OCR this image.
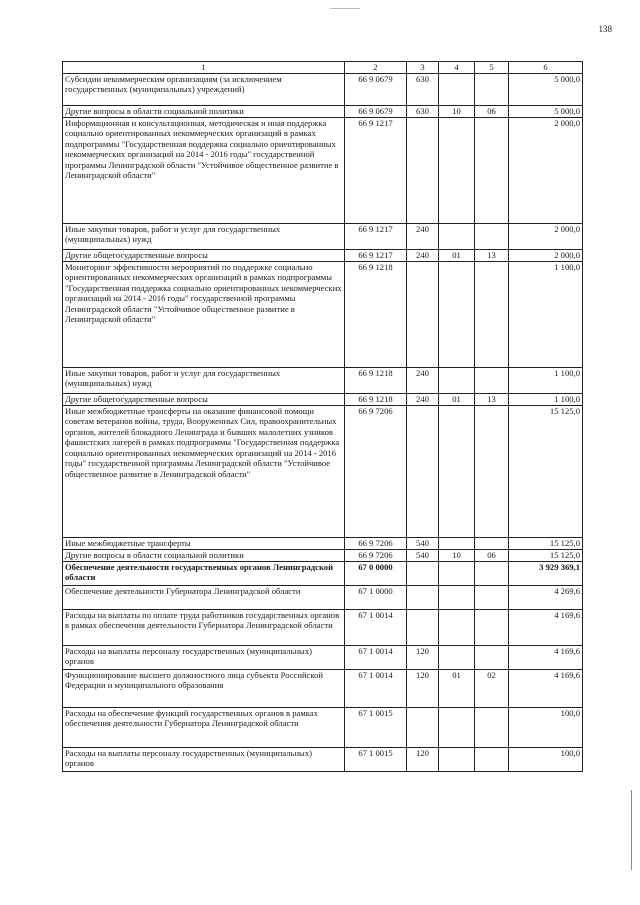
138
1	2	3	4	5	6
Субсидии некоммерческим организациям (за исключением государственных (муниципальных) учреждений)	66 9 0679	630			5 000,0
Другие вопросы в области социальной политики	66 9 0679	630	10	06	5 000,0
Информационная и консультационная, методическая и иная поддержка социально ориентированных некоммерческих организаций в рамках подпрограммы "Государственная поддержка социально ориентированных некоммерческих организаций на 2014 - 2016 годы" государственной программы Ленинградской области "Устойчивое общественное развитие в Ленинградской области"	66 9 1217				2 000,0
Иные закупки товаров, работ и услуг для государственных (муниципальных) нужд	66 9 1217	240			2 000,0
Другие общегосударственные вопросы	66 9 1217	240	01	13	2 000,0
Мониторинг эффективности мероприятий по поддержке социально ориентированных некоммерческих организаций в рамках подпрограммы "Государственная поддержка социально ориентированных некоммерческих организаций на 2014 - 2016 годы" государственной программы Ленинградской области "Устойчивое общественное развитие в Ленинградской области"	66 9 1218				1 100,0
Иные закупки товаров, работ и услуг для государственных (муниципальных) нужд	66 9 1218	240			1 100,0
Другие общегосударственные вопросы	66 9 1218	240	01	13	1 100,0
Иные межбюджетные трансферты на оказание финансовой помощи советам ветеранов войны, труда, Вооруженных Сил, правоохранительных органов, жителей блокадного Ленинграда и бывших малолетних узников фашистских лагерей в рамках подпрограммы "Государственная поддержка социально ориентированных некоммерческих организаций на 2014 - 2016 годы" государственной программы Ленинградской области "Устойчивое общественное развитие в Ленинградской области"	66 9 7206				15 125,0
Иные межбюджетные трансферты	66 9 7206	540			15 125,0
Другие вопросы в области социальной политики	66 9 7206	540	10	06	15 125,0
Обеспечение деятельности государственных органов Ленинградской области	67 0 0000				3 929 369,1
Обеспечение деятельности Губернатора Ленинградской области	67 1 0000				4 269,6
Расходы на выплаты по оплате труда работников государственных органов в рамках обеспечения деятельности Губернатора Ленинградской области	67 1 0014				4 169,6
Расходы на выплаты персоналу государственных (муниципальных) органов	67 1 0014	120			4 169,6
Функционирование высшего должностного лица субъекта Российской Федерации и муниципального образования	67 1 0014	120	01	02	4 169,6
Расходы на обеспечение функций государственных органов в рамках обеспечения деятельности Губернатора Ленинградской области	67 1 0015				100,0
Расходы на выплаты персоналу государственных (муниципальных) органов	67 1 0015	120			100,0
